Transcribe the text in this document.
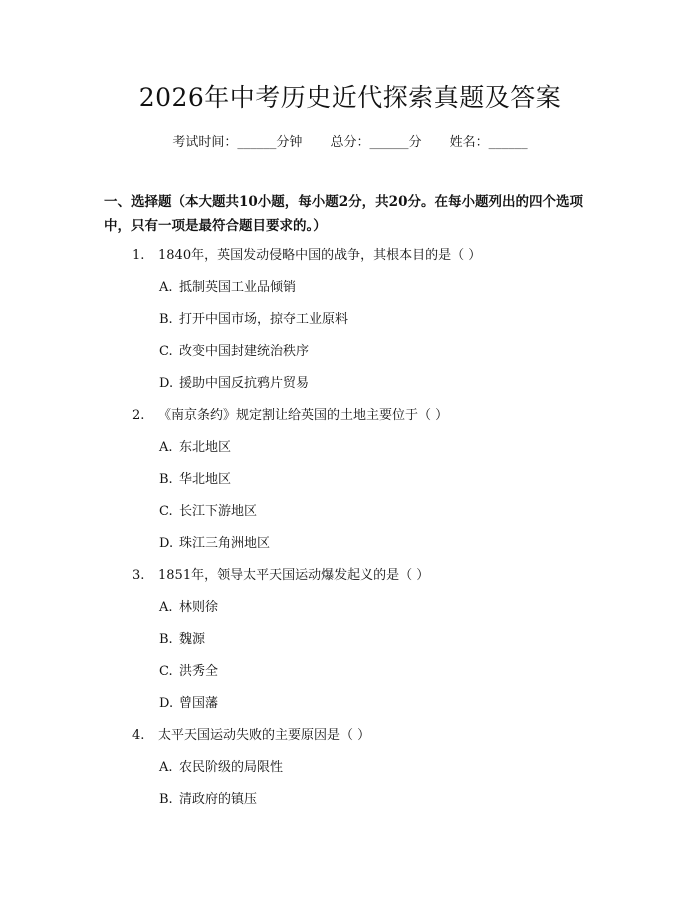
2026年中考历史近代探索真题及答案
考试时间：______分钟 总分：______分 姓名：______
一、选择题（本大题共10小题，每小题2分，共20分。在每小题列出的四个选项中，只有一项是最符合题目要求的。）
1. 1840年，英国发动侵略中国的战争，其根本目的是（ ）
A. 抵制英国工业品倾销
B. 打开中国市场，掠夺工业原料
C. 改变中国封建统治秩序
D. 援助中国反抗鸦片贸易
2. 《南京条约》规定割让给英国的土地主要位于（ ）
A. 东北地区
B. 华北地区
C. 长江下游地区
D. 珠江三角洲地区
3. 1851年，领导太平天国运动爆发起义的是（ ）
A. 林则徐
B. 魏源
C. 洪秀全
D. 曾国藩
4. 太平天国运动失败的主要原因是（ ）
A. 农民阶级的局限性
B. 清政府的镇压
